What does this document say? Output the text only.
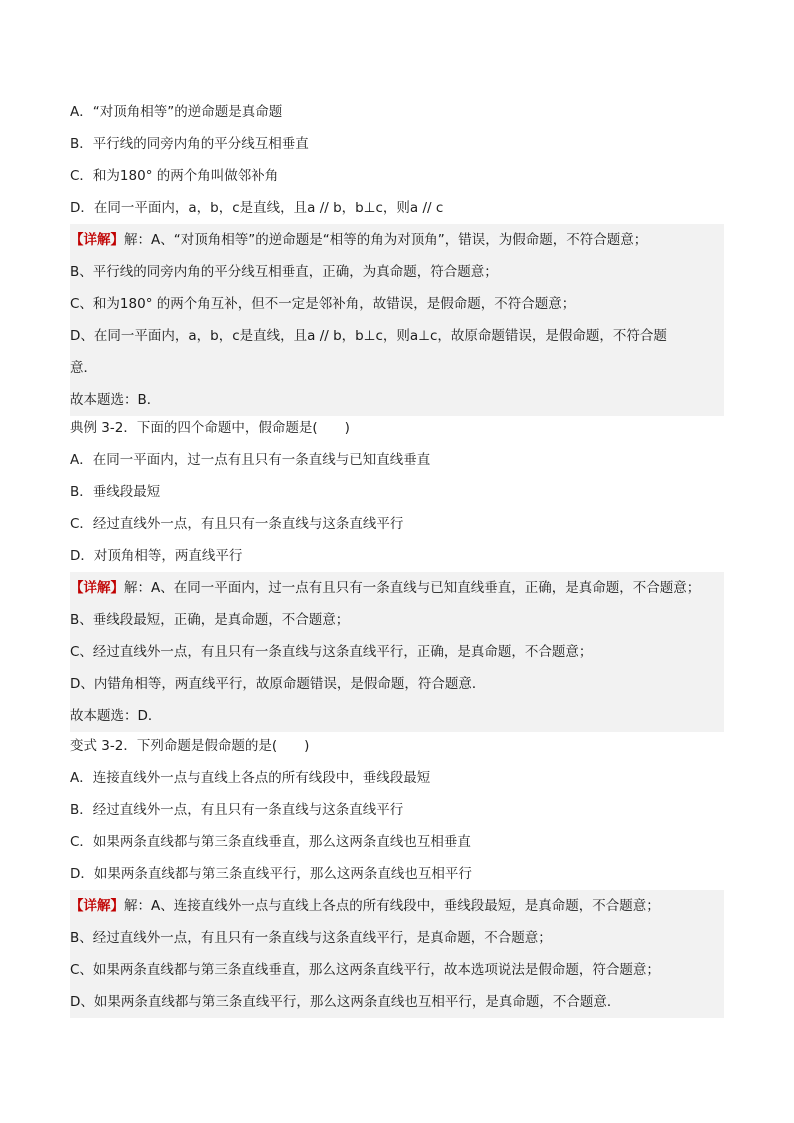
A．“对顶角相等”的逆命题是真命题
B．平行线的同旁内角的平分线互相垂直
C．和为180° 的两个角叫做邻补角
D．在同一平面内，a，b，c是直线，且a // b，b⊥c，则a // c
【详解】解：A、“对顶角相等”的逆命题是“相等的角为对顶角”，错误，为假命题，不符合题意；
B、平行线的同旁内角的平分线互相垂直，正确，为真命题，符合题意；
C、和为180° 的两个角互补，但不一定是邻补角，故错误，是假命题，不符合题意；
D、在同一平面内，a，b，c是直线，且a // b，b⊥c，则a⊥c，故原命题错误，是假命题，不符合题
意．
故本题选：B．
典例 3-2．下面的四个命题中，假命题是(　　)
A．在同一平面内，过一点有且只有一条直线与已知直线垂直
B．垂线段最短
C．经过直线外一点，有且只有一条直线与这条直线平行
D．对顶角相等，两直线平行
【详解】解：A、在同一平面内，过一点有且只有一条直线与已知直线垂直，正确，是真命题，不合题意；
B、垂线段最短，正确，是真命题，不合题意；
C、经过直线外一点，有且只有一条直线与这条直线平行，正确，是真命题，不合题意；
D、内错角相等，两直线平行，故原命题错误，是假命题，符合题意．
故本题选：D．
变式 3-2．下列命题是假命题的是(　　)
A．连接直线外一点与直线上各点的所有线段中，垂线段最短
B．经过直线外一点，有且只有一条直线与这条直线平行
C．如果两条直线都与第三条直线垂直，那么这两条直线也互相垂直
D．如果两条直线都与第三条直线平行，那么这两条直线也互相平行
【详解】解：A、连接直线外一点与直线上各点的所有线段中，垂线段最短，是真命题，不合题意；
B、经过直线外一点，有且只有一条直线与这条直线平行，是真命题，不合题意；
C、如果两条直线都与第三条直线垂直，那么这两条直线平行，故本选项说法是假命题，符合题意；
D、如果两条直线都与第三条直线平行，那么这两条直线也互相平行，是真命题，不合题意．
